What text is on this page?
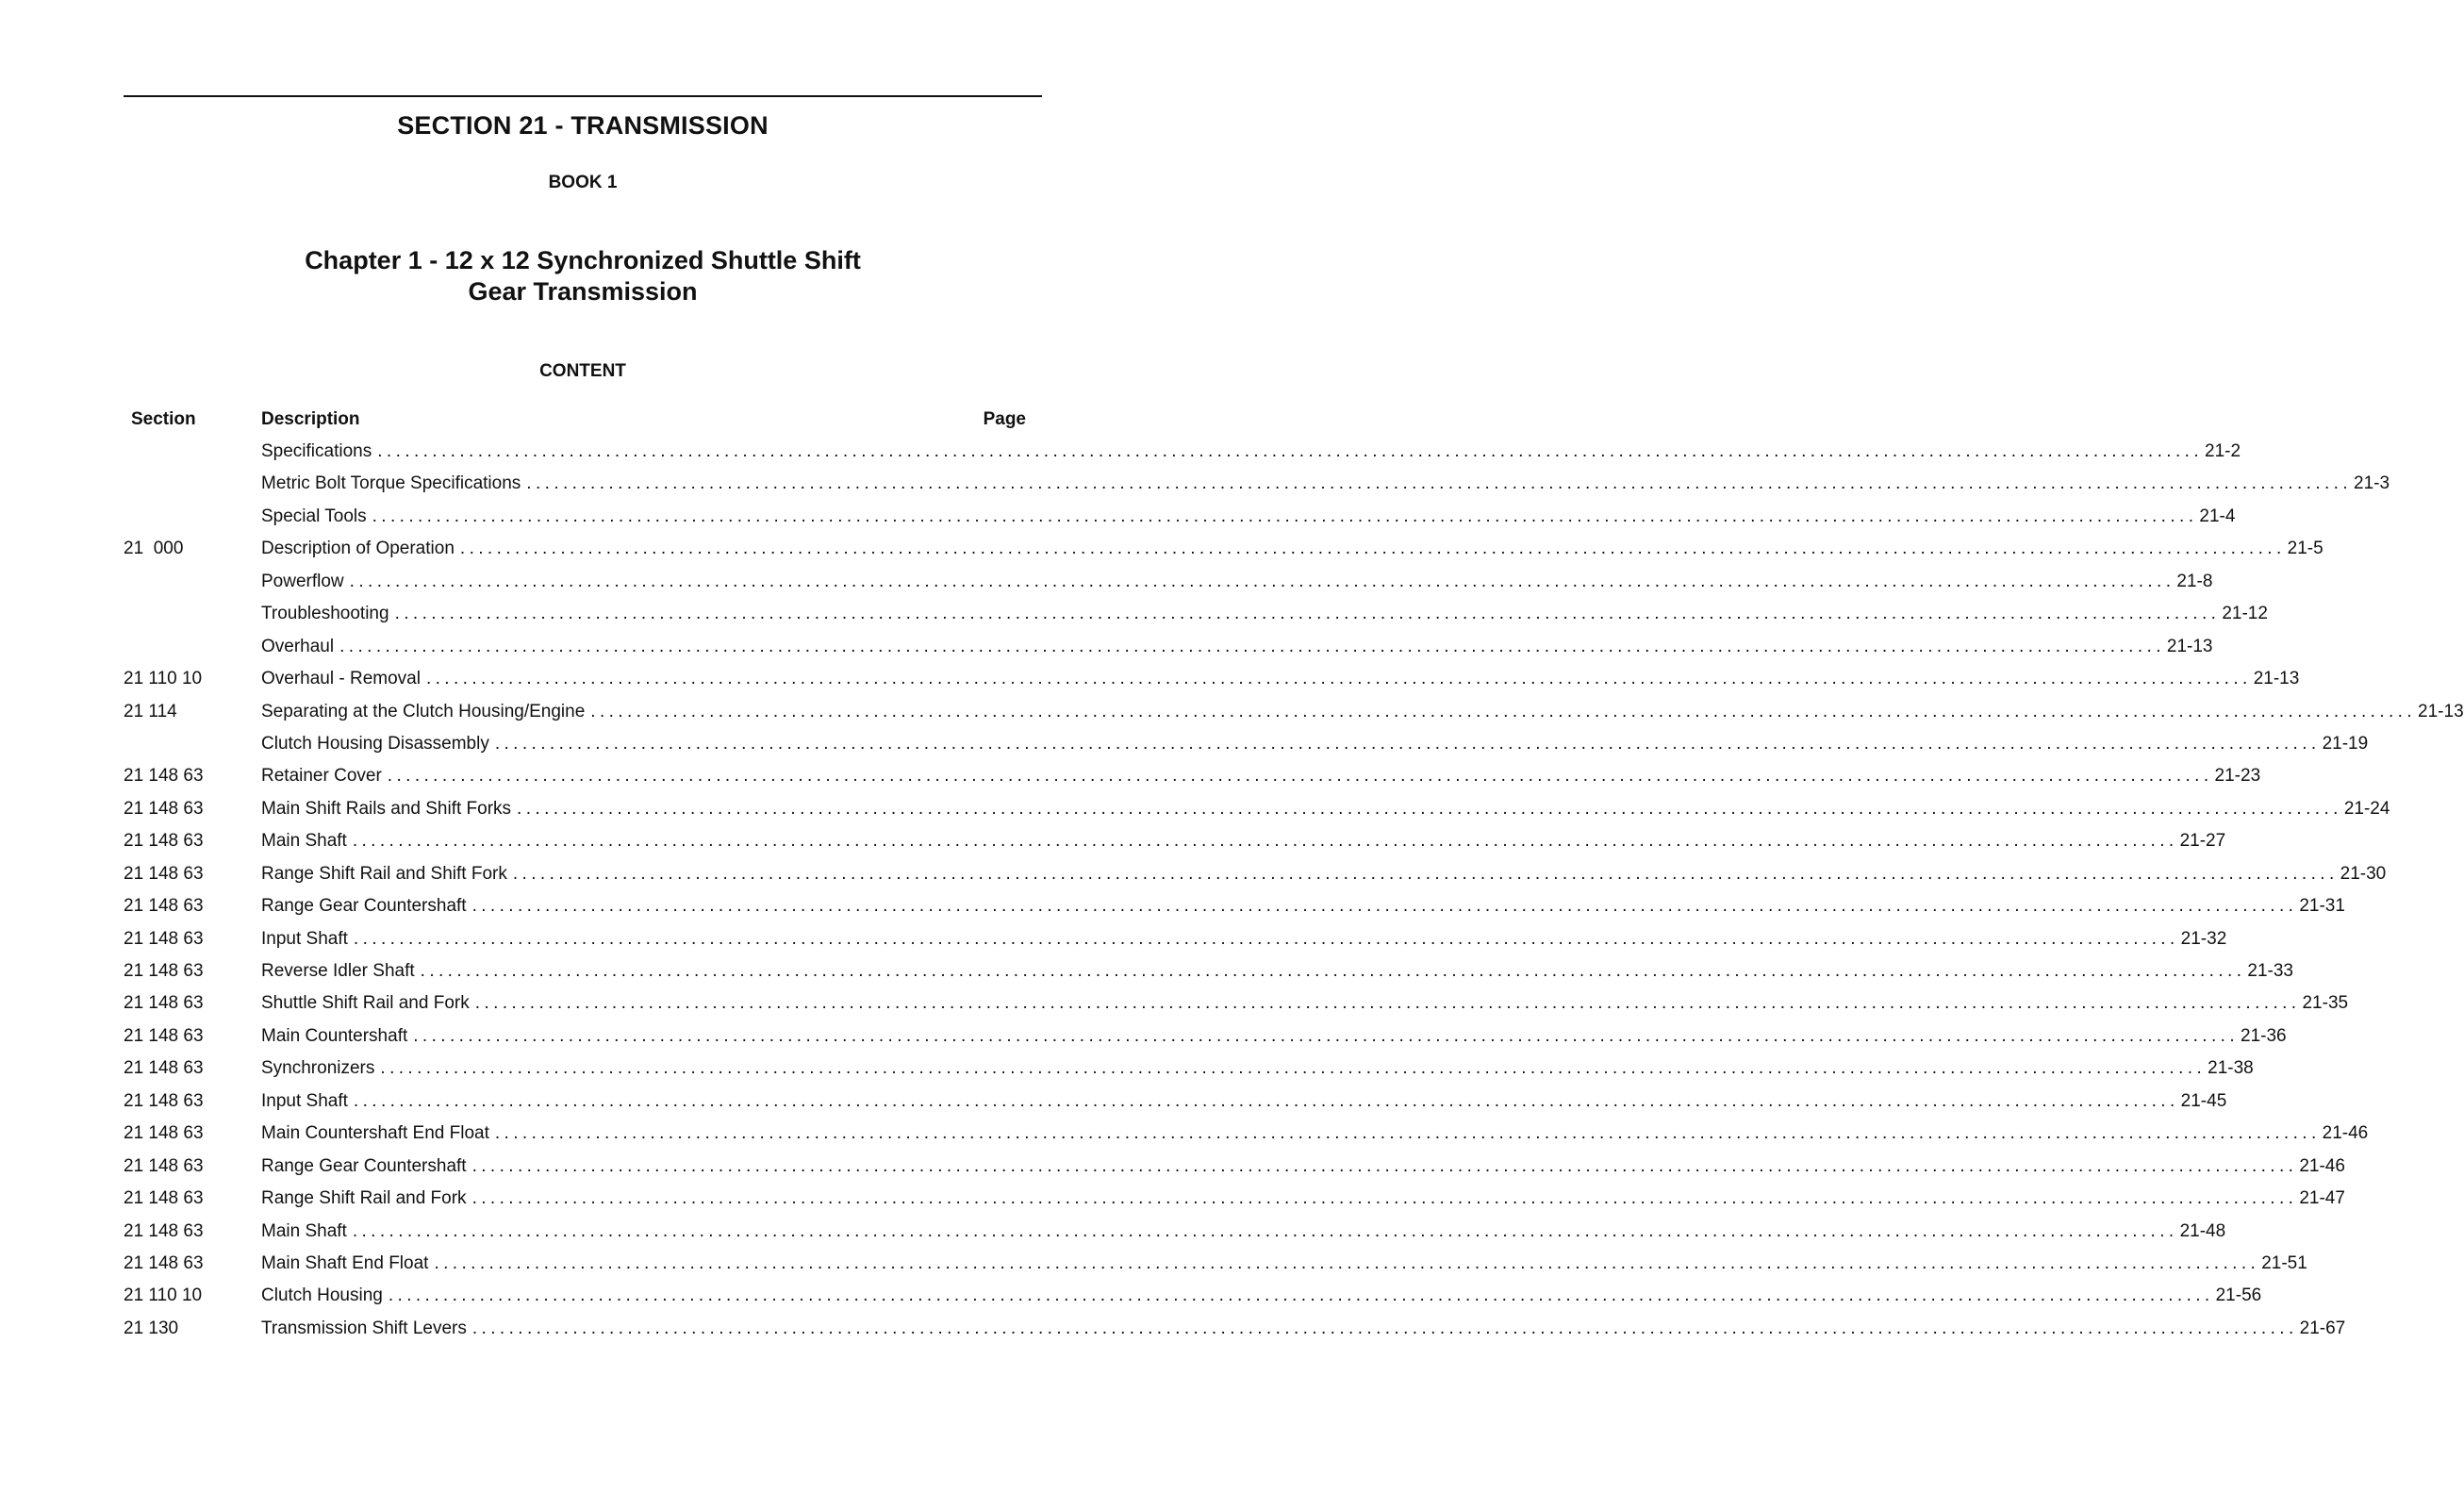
SECTION 21 - TRANSMISSION
BOOK 1
Chapter 1 - 12 x 12 Synchronized Shuttle Shift
Gear Transmission
CONTENT
Section	Description	Page
Specifications ........................................................................................................................................................................................................ 21-2
Metric Bolt Torque Specifications ........................................................................................................................................................................................................ 21-3
Special Tools ........................................................................................................................................................................................................ 21-4
21  000	Description of Operation ........................................................................................................................................................................................................ 21-5
Powerflow ........................................................................................................................................................................................................ 21-8
Troubleshooting ........................................................................................................................................................................................................ 21-12
Overhaul ........................................................................................................................................................................................................ 21-13
21 110 10	Overhaul - Removal ........................................................................................................................................................................................................ 21-13
21 114	Separating at the Clutch Housing/Engine ........................................................................................................................................................................................................ 21-13
Clutch Housing Disassembly ........................................................................................................................................................................................................ 21-19
21 148 63	Retainer Cover ........................................................................................................................................................................................................ 21-23
21 148 63	Main Shift Rails and Shift Forks ........................................................................................................................................................................................................ 21-24
21 148 63	Main Shaft ........................................................................................................................................................................................................ 21-27
21 148 63	Range Shift Rail and Shift Fork ........................................................................................................................................................................................................ 21-30
21 148 63	Range Gear Countershaft ........................................................................................................................................................................................................ 21-31
21 148 63	Input Shaft ........................................................................................................................................................................................................ 21-32
21 148 63	Reverse Idler Shaft ........................................................................................................................................................................................................ 21-33
21 148 63	Shuttle Shift Rail and Fork ........................................................................................................................................................................................................ 21-35
21 148 63	Main Countershaft ........................................................................................................................................................................................................ 21-36
21 148 63	Synchronizers ........................................................................................................................................................................................................ 21-38
21 148 63	Input Shaft ........................................................................................................................................................................................................ 21-45
21 148 63	Main Countershaft End Float ........................................................................................................................................................................................................ 21-46
21 148 63	Range Gear Countershaft ........................................................................................................................................................................................................ 21-46
21 148 63	Range Shift Rail and Fork ........................................................................................................................................................................................................ 21-47
21 148 63	Main Shaft ........................................................................................................................................................................................................ 21-48
21 148 63	Main Shaft End Float ........................................................................................................................................................................................................ 21-51
21 110 10	Clutch Housing ........................................................................................................................................................................................................ 21-56
21 130	Transmission Shift Levers ........................................................................................................................................................................................................ 21-67
